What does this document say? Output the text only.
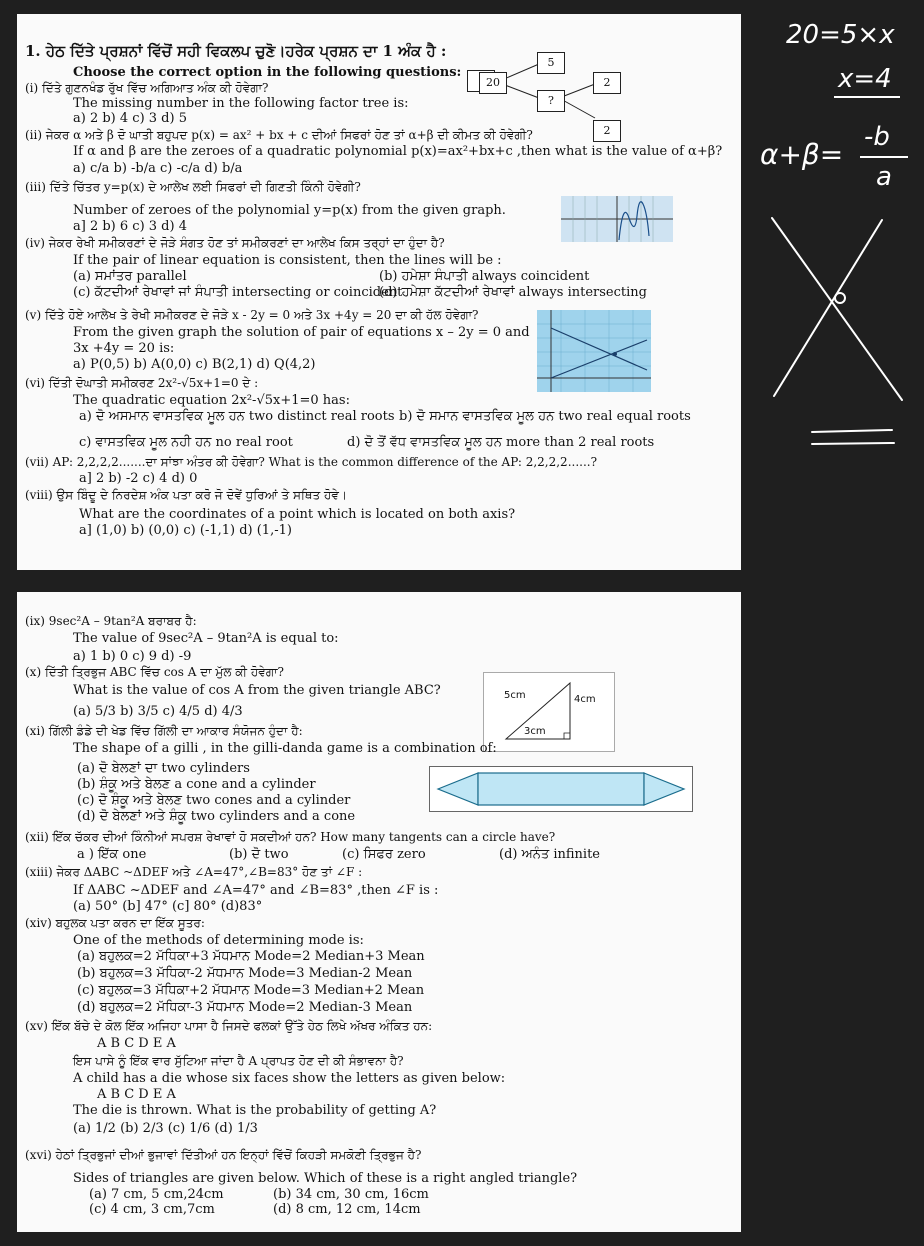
1. ਹੇਠ ਦਿੱਤੇ ਪ੍ਰਸ਼ਨਾਂ ਵਿੱਚੋਂ ਸਹੀ ਵਿਕਲਪ ਚੁਣੋ।ਹਰੇਕ ਪ੍ਰਸ਼ਨ ਦਾ 1 ਅੰਕ ਹੈ :
Choose the correct option in the following questions:
(i) ਦਿੱਤੇ ਗੁਣਨਖੰਡ ਰੁੱਖ ਵਿੱਚ ਅਗਿਆਤ ਅੰਕ ਕੀ ਹੋਵੇਗਾ?
The missing number in the following factor tree is:
a) 2 b) 4 c) 3 d) 5
5
20
?
2
2
(ii) ਜੇਕਰ α ਅਤੇ β ਦੋ ਘਾਤੀ ਬਹੁਪਦ p(x) = ax² + bx + c ਦੀਆਂ ਸਿਫਰਾਂ ਹੋਣ ਤਾਂ α+β ਦੀ ਕੀਮਤ ਕੀ ਹੋਵੇਗੀ?
If α and β are the zeroes of a quadratic polynomial p(x)=ax²+bx+c ,then what is the value of α+β?
a) c/a b) -b/a c) -c/a d) b/a
(iii) ਦਿੱਤੇ ਚਿੱਤਰ y=p(x) ਦੇ ਆਲੇਖ ਲਈ ਸਿਫਰਾਂ ਦੀ ਗਿਣਤੀ ਕਿੰਨੀ ਹੋਵੇਗੀ?
Number of zeroes of the polynomial y=p(x) from the given graph.
a] 2 b) 6 c) 3 d) 4
(iv) ਜੇਕਰ ਰੇਖੀ ਸਮੀਕਰਣਾਂ ਦੇ ਜੋੜੇ ਸੰਗਤ ਹੋਣ ਤਾਂ ਸਮੀਕਰਣਾਂ ਦਾ ਆਲੇਖ ਕਿਸ ਤਰ੍ਹਾਂ ਦਾ ਹੁੰਦਾ ਹੈ?
If the pair of linear equation is consistent, then the lines will be :
(a) ਸਮਾਂਤਰ parallel	(b) ਹਮੇਸ਼ਾ ਸੰਪਾਤੀ always coincident
(c) ਕੱਟਦੀਆਂ ਰੇਖਾਵਾਂ ਜਾਂ ਸੰਪਾਤੀ intersecting or coincident
(d) ਹਮੇਸ਼ਾ ਕੱਟਦੀਆਂ ਰੇਖਾਵਾਂ always intersecting
(v) ਦਿੱਤੇ ਹੋਏ ਆਲੇਖ ਤੇ ਰੇਖੀ ਸਮੀਕਰਣ ਦੇ ਜੋੜੇ x - 2y = 0 ਅਤੇ 3x +4y = 20 ਦਾ ਕੀ ਹੱਲ ਹੋਵੇਗਾ?
From the given graph the solution of pair of equations x – 2y = 0 and
3x +4y = 20 is:
a) P(0,5) b) A(0,0) c) B(2,1) d) Q(4,2)
(vi) ਦਿੱਤੀ ਦੋਘਾਤੀ ਸਮੀਕਰਣ 2x²-√5x+1=0 ਦੇ :
The quadratic equation 2x²-√5x+1=0 has:
a) ਦੋ ਅਸਮਾਨ ਵਾਸਤਵਿਕ ਮੂਲ ਹਨ two distinct real roots b) ਦੋ ਸਮਾਨ ਵਾਸਤਵਿਕ ਮੂਲ ਹਨ two real equal roots
c) ਵਾਸਤਵਿਕ ਮੂਲ ਨਹੀ ਹਨ no real root	d) ਦੋ ਤੋਂ ਵੱਧ ਵਾਸਤਵਿਕ ਮੂਲ ਹਨ more than 2 real roots
(vii) AP: 2,2,2,2.......ਦਾ ਸਾਂਝਾ ਅੰਤਰ ਕੀ ਹੋਵੇਗਾ? What is the common difference of the AP: 2,2,2,2......?
a] 2 b) -2 c) 4 d) 0
(viii) ਉਸ ਬਿੰਦੂ ਦੇ ਨਿਰਦੇਸ਼ ਅੰਕ ਪਤਾ ਕਰੋ ਜੋ ਦੋਵੇਂ ਧੁਰਿਆਂ ਤੇ ਸਥਿਤ ਹੋਵੇ।
What are the coordinates of a point which is located on both axis?
a] (1,0) b) (0,0) c) (-1,1) d) (1,-1)
(ix) 9sec²A – 9tan²A ਬਰਾਬਰ ਹੈ:
The value of 9sec²A – 9tan²A is equal to:
a) 1 b) 0 c) 9 d) -9
(x) ਦਿੱਤੀ ਤ੍ਰਿਭੁਜ ABC ਵਿੱਚ cos A ਦਾ ਮੁੱਲ ਕੀ ਹੋਵੇਗਾ?
What is the value of cos A from the given triangle ABC?
(a) 5/3 b) 3/5 c) 4/5 d) 4/3
5cm	4cm
3cm
(xi) ਗਿੱਲੀ ਡੰਡੇ ਦੀ ਖੇਡ ਵਿੱਚ ਗਿੱਲੀ ਦਾ ਆਕਾਰ ਸੰਯੋਜਨ ਹੁੰਦਾ ਹੈ:
The shape of a gilli , in the gilli-danda game is a combination of:
(a) ਦੋ ਬੇਲਣਾਂ ਦਾ two cylinders
(b) ਸ਼ੰਕੂ ਅਤੇ ਬੇਲਣ a cone and a cylinder
(c) ਦੋ ਸ਼ੰਕੂ ਅਤੇ ਬੇਲਣ two cones and a cylinder
(d) ਦੋ ਬੇਲਣਾਂ ਅਤੇ ਸ਼ੰਕੂ two cylinders and a cone
(xii) ਇੱਕ ਚੱਕਰ ਦੀਆਂ ਕਿੰਨੀਆਂ ਸਪਰਸ਼ ਰੇਖਾਵਾਂ ਹੋ ਸਕਦੀਆਂ ਹਨ? How many tangents can a circle have?
a ) ਇੱਕ one	(b) ਦੋ two	(c) ਸਿਫਰ zero	(d) ਅਨੰਤ infinite
(xiii) ਜੇਕਰ ΔABC ~ΔDEF ਅਤੇ ∠A=47°,∠B=83° ਹੋਣ ਤਾਂ ∠F :
If ΔABC ~ΔDEF and ∠A=47° and ∠B=83° ,then ∠F is :
(a) 50° (b] 47° (c] 80° (d)83°
(xiv) ਬਹੁਲਕ ਪਤਾ ਕਰਨ ਦਾ ਇੱਕ ਸੂਤਰ:
One of the methods of determining mode is:
(a) ਬਹੁਲਕ=2 ਮੱਧਿਕਾ+3 ਮੱਧਮਾਨ Mode=2 Median+3 Mean
(b) ਬਹੁਲਕ=3 ਮੱਧਿਕਾ-2 ਮੱਧਮਾਨ Mode=3 Median-2 Mean
(c) ਬਹੁਲਕ=3 ਮੱਧਿਕਾ+2 ਮੱਧਮਾਨ Mode=3 Median+2 Mean
(d) ਬਹੁਲਕ=2 ਮੱਧਿਕਾ-3 ਮੱਧਮਾਨ Mode=2 Median-3 Mean
(xv) ਇੱਕ ਬੱਚੇ ਦੇ ਕੋਲ ਇੱਕ ਅਜਿਹਾ ਪਾਸਾ ਹੈ ਜਿਸਦੇ ਫਲਕਾਂ ਉੱਤੇ ਹੇਠ ਲਿਖੇ ਅੱਖਰ ਅੰਕਿਤ ਹਨ:
A B C D E A
ਇਸ ਪਾਸੇ ਨੂੰ ਇੱਕ ਵਾਰ ਸੁੱਟਿਆ ਜਾਂਦਾ ਹੈ A ਪ੍ਰਾਪਤ ਹੋਣ ਦੀ ਕੀ ਸੰਭਾਵਨਾ ਹੈ?
A child has a die whose six faces show the letters as given below:
A B C D E A
The die is thrown. What is the probability of getting A?
(a) 1/2 (b) 2/3 (c) 1/6 (d) 1/3
(xvi) ਹੇਠਾਂ ਤ੍ਰਿਭੁਜਾਂ ਦੀਆਂ ਭੁਜਾਵਾਂ ਦਿੱਤੀਆਂ ਹਨ ਇਨ੍ਹਾਂ ਵਿੱਚੋਂ ਕਿਹੜੀ ਸਮਕੋਣੀ ਤ੍ਰਿਭੁਜ ਹੈ?
Sides of triangles are given below. Which of these is a right angled triangle?
(a) 7 cm, 5 cm,24cm	(b) 34 cm, 30 cm, 16cm
(c) 4 cm, 3 cm,7cm	(d) 8 cm, 12 cm, 14cm
20=5×x
x=4
α+β=
-b
a
